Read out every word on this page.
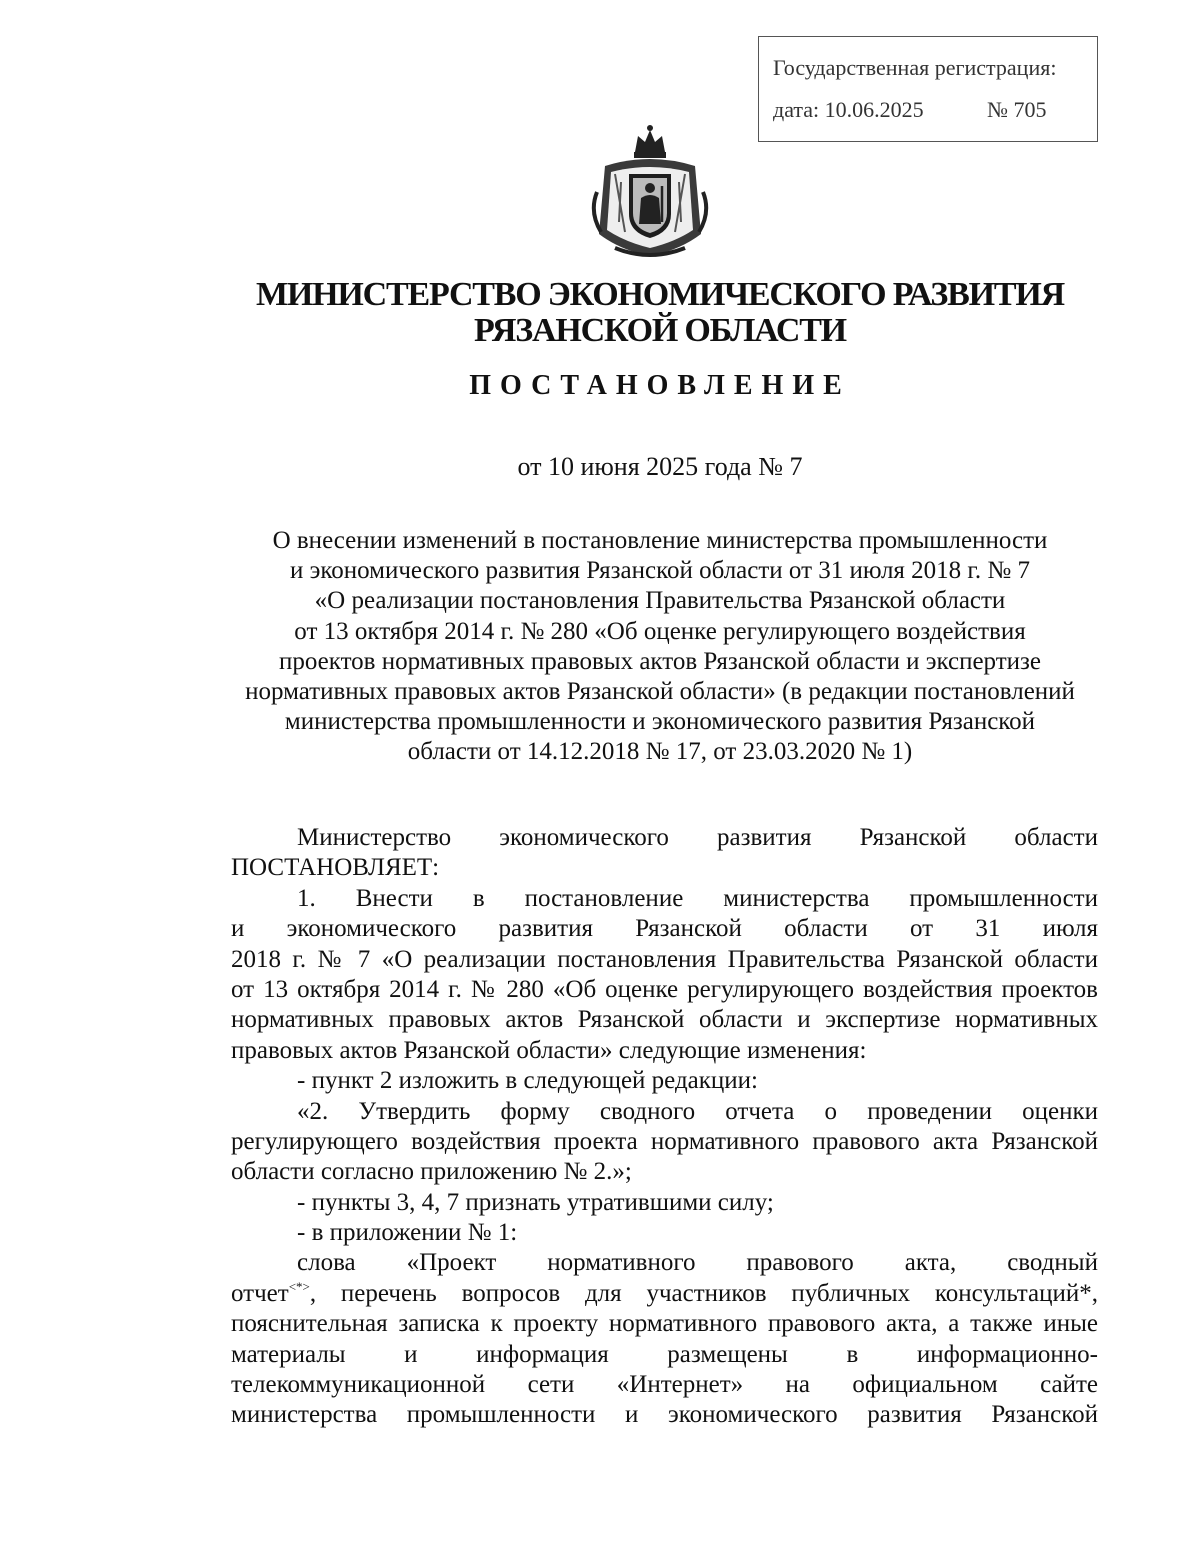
Государственная регистрация:
дата: 10.06.2025	№ 705
МИНИСТЕРСТВО ЭКОНОМИЧЕСКОГО РАЗВИТИЯ
РЯЗАНСКОЙ ОБЛАСТИ
ПОСТАНОВЛЕНИЕ
от 10 июня 2025 года № 7
О внесении изменений в постановление министерства промышленности
и экономического развития Рязанской области от 31 июля 2018 г. № 7
«О реализации постановления Правительства Рязанской области
от 13 октября 2014 г. № 280 «Об оценке регулирующего воздействия
проектов нормативных правовых актов Рязанской области и экспертизе
нормативных правовых актов Рязанской области» (в редакции постановлений
министерства промышленности и экономического развития Рязанской
области от 14.12.2018 № 17, от 23.03.2020 № 1)
Министерство экономического развития Рязанской области
ПОСТАНОВЛЯЕТ:
1. Внести в постановление министерства промышленности
и экономического развития Рязанской области от 31 июля
2018 г. № 7 «О реализации постановления Правительства Рязанской области
от 13 октября 2014 г. № 280 «Об оценке регулирующего воздействия проектов
нормативных правовых актов Рязанской области и экспертизе нормативных
правовых актов Рязанской области» следующие изменения:
- пункт 2 изложить в следующей редакции:
«2. Утвердить форму сводного отчета о проведении оценки
регулирующего воздействия проекта нормативного правового акта Рязанской
области согласно приложению № 2.»;
- пункты 3, 4, 7 признать утратившими силу;
- в приложении № 1:
слова «Проект нормативного правового акта, сводный
отчет<*>, перечень вопросов для участников публичных консультаций*,
пояснительная записка к проекту нормативного правового акта, а также иные
материалы и информация размещены в информационно-
телекоммуникационной сети «Интернет» на официальном сайте
министерства промышленности и экономического развития Рязанской
